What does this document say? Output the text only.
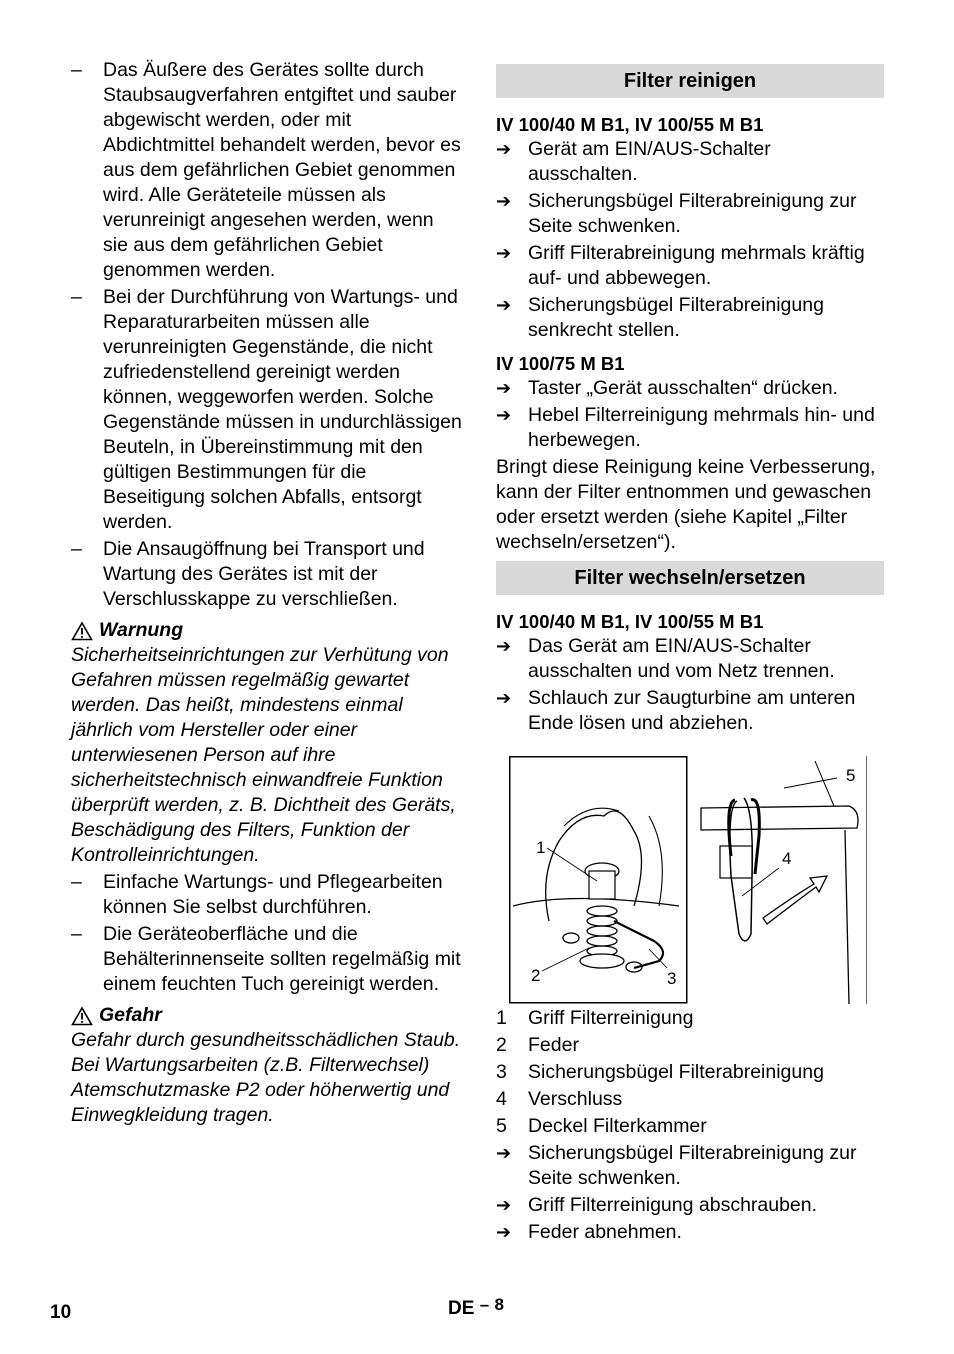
– Das Äußere des Gerätes sollte durch Staubsaugverfahren entgiftet und sauber abgewischt werden, oder mit Abdichtmittel behandelt werden, bevor es aus dem gefährlichen Gebiet genommen wird. Alle Geräteteile müssen als verunreinigt angesehen werden, wenn sie aus dem gefährlichen Gebiet genommen werden.

– Bei der Durchführung von Wartungs- und Reparaturarbeiten müssen alle verunreinigten Gegenstände, die nicht zufriedenstellend gereinigt werden können, weggeworfen werden. Solche Gegenstände müssen in undurchlässigen Beuteln, in Übereinstimmung mit den gültigen Bestimmungen für die Beseitigung solchen Abfalls, entsorgt werden.

– Die Ansaugöffnung bei Transport und Wartung des Gerätes ist mit der Verschlusskappe zu verschließen.

Warnung

Sicherheitseinrichtungen zur Verhütung von Gefahren müssen regelmäßig gewartet werden. Das heißt, mindestens einmal jährlich vom Hersteller oder einer unterwiesenen Person auf ihre sicherheitstechnisch einwandfreie Funktion überprüft werden, z. B. Dichtheit des Geräts, Beschädigung des Filters, Funktion der Kontrolleinrichtungen.

– Einfache Wartungs- und Pflegearbeiten können Sie selbst durchführen.

– Die Geräteoberfläche und die Behälterinnenseite sollten regelmäßig mit einem feuchten Tuch gereinigt werden.

Gefahr

Gefahr durch gesundheitsschädlichen Staub. Bei Wartungsarbeiten (z.B. Filterwechsel) Atemschutzmaske P2 oder höherwertig und Einwegkleidung tragen.

Filter reinigen
IV 100/40 M B1, IV 100/55 M B1
➔ Gerät am EIN/AUS-Schalter ausschalten.

➔ Sicherungsbügel Filterabreinigung zur Seite schwenken.

➔ Griff Filterabreinigung mehrmals kräftig auf- und abbewegen.

➔ Sicherungsbügel Filterabreinigung senkrecht stellen.

IV 100/75 M B1
➔ Taster „Gerät ausschalten“ drücken.

➔ Hebel Filterreinigung mehrmals hin- und herbewegen.

Bringt diese Reinigung keine Verbesserung, kann der Filter entnommen und gewaschen oder ersetzt werden (siehe Kapitel „Filter wechseln/ersetzen“).

Filter wechseln/ersetzen
IV 100/40 M B1, IV 100/55 M B1
➔ Das Gerät am EIN/AUS-Schalter ausschalten und vom Netz trennen.

➔ Schlauch zur Saugturbine am unteren Ende lösen und abziehen.

1
2	3
5
4
1 Griff Filterreinigung
2 Feder
3 Sicherungsbügel Filterabreinigung
4 Verschluss
5 Deckel Filterkammer
➔ Sicherungsbügel Filterabreinigung zur Seite schwenken.

➔ Griff Filterreinigung abschrauben.

➔ Feder abnehmen.

10	DE – 8
